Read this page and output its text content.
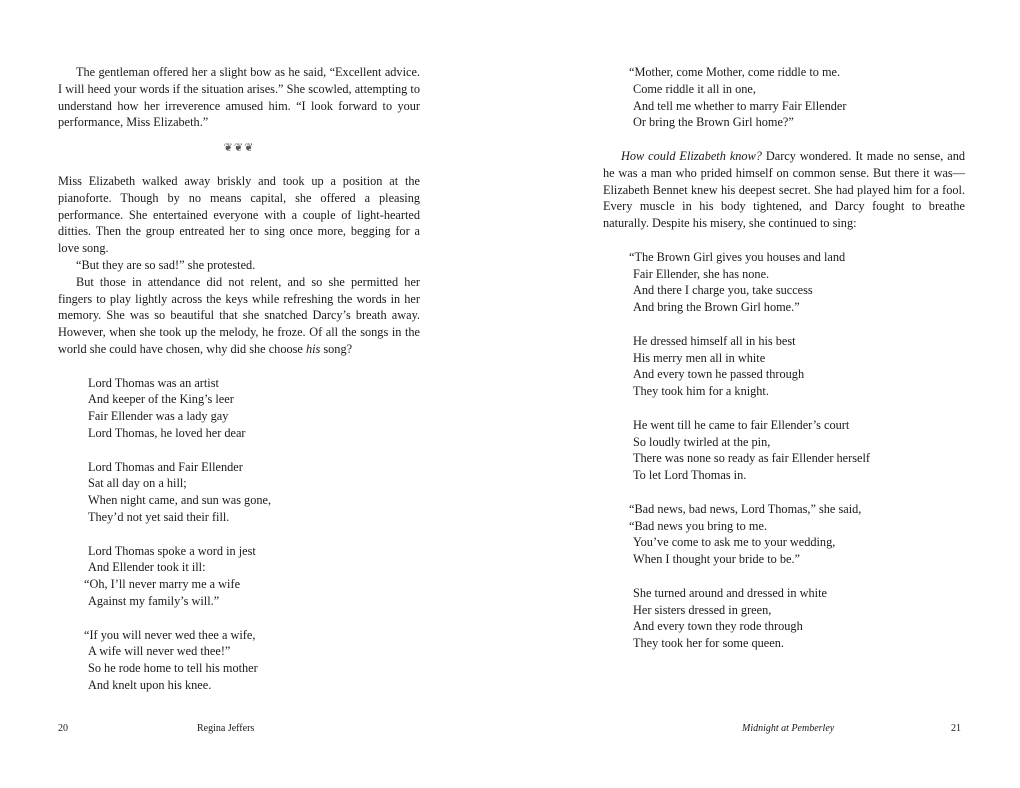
The gentleman offered her a slight bow as he said, “Excellent advice. I will heed your words if the situation arises.” She scowled, attempting to understand how her irreverence amused him. “I look forward to your performance, Miss Elizabeth.”

❦❦❦

Miss Elizabeth walked away briskly and took up a position at the pianoforte. Though by no means capital, she offered a pleasing performance. She entertained everyone with a couple of light-hearted ditties. Then the group entreated her to sing once more, begging for a love song.

“But they are so sad!” she protested.

But those in attendance did not relent, and so she permitted her fingers to play lightly across the keys while refreshing the words in her memory. She was so beautiful that she snatched Darcy’s breath away. However, when she took up the melody, he froze. Of all the songs in the world she could have chosen, why did she choose his song?

Lord Thomas was an artist
And keeper of the King’s leer
Fair Ellender was a lady gay
Lord Thomas, he loved her dear
Lord Thomas and Fair Ellender
Sat all day on a hill;
When night came, and sun was gone,
They’d not yet said their fill.
Lord Thomas spoke a word in jest
And Ellender took it ill:
“Oh, I’ll never marry me a wife
Against my family’s will.”
“If you will never wed thee a wife,
A wife will never wed thee!”
So he rode home to tell his mother
And knelt upon his knee.
20	Regina Jeffers
“Mother, come Mother, come riddle to me.
Come riddle it all in one,
And tell me whether to marry Fair Ellender
Or bring the Brown Girl home?”

How could Elizabeth know? Darcy wondered. It made no sense, and he was a man who prided himself on common sense. But there it was—Elizabeth Bennet knew his deepest secret. She had played him for a fool. Every muscle in his body tightened, and Darcy fought to breathe naturally. Despite his misery, she continued to sing:

“The Brown Girl gives you houses and land
Fair Ellender, she has none.
And there I charge you, take success
And bring the Brown Girl home.”
He dressed himself all in his best
His merry men all in white
And every town he passed through
They took him for a knight.
He went till he came to fair Ellender’s court
So loudly twirled at the pin,
There was none so ready as fair Ellender herself
To let Lord Thomas in.
“Bad news, bad news, Lord Thomas,” she said,
“Bad news you bring to me.
You’ve come to ask me to your wedding,
When I thought your bride to be.”
She turned around and dressed in white
Her sisters dressed in green,
And every town they rode through
They took her for some queen.
Midnight at Pemberley	21
